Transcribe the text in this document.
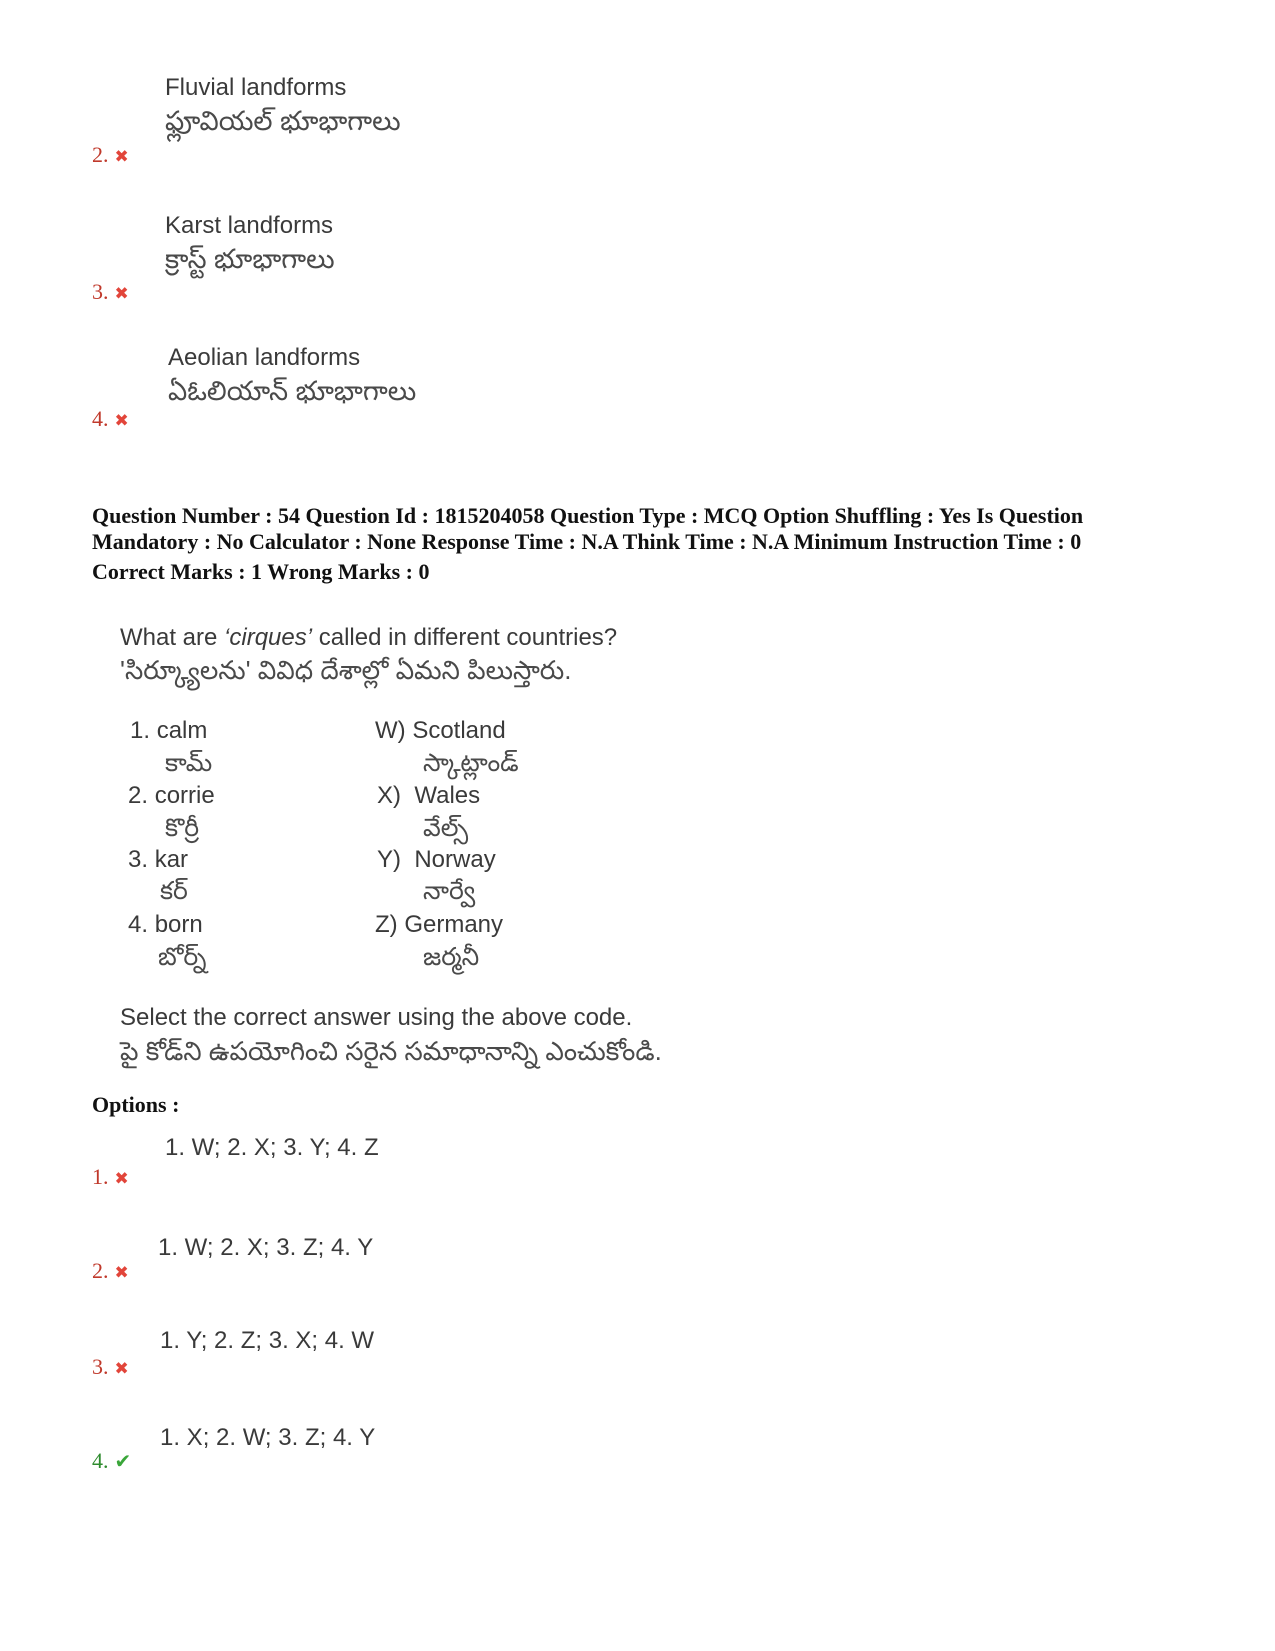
Fluvial landforms
ఫ్లూవియల్ భూభాగాలు
2. ✖
Karst landforms
క్రాస్ట్ భూభాగాలు
3. ✖
Aeolian landforms
ఏఓలియాన్ భూభాగాలు
4. ✖
Question Number : 54 Question Id : 1815204058 Question Type : MCQ Option Shuffling : Yes Is Question
Mandatory : No Calculator : None Response Time : N.A Think Time : N.A Minimum Instruction Time : 0
Correct Marks : 1 Wrong Marks : 0
What are ‘cirques’ called in different countries?
'సిర్క్యూలను' వివిధ దేశాల్లో ఏమని పిలుస్తారు.
1. calm
కామ్
2. corrie
కొర్రీ
3. kar
కర్
4. born
బోర్న్
W) Scotland
స్కాట్లాండ్
X) Wales
వేల్స్
Y) Norway
నార్వే
Z) Germany
జర్మనీ
Select the correct answer using the above code.
పై కోడ్‌ని ఉపయోగించి సరైన సమాధానాన్ని ఎంచుకోండి.
Options :
1. W; 2. X; 3. Y; 4. Z
1. ✖
1. W; 2. X; 3. Z; 4. Y
2. ✖
1. Y; 2. Z; 3. X; 4. W
3. ✖
1. X; 2. W; 3. Z; 4. Y
4. ✔
